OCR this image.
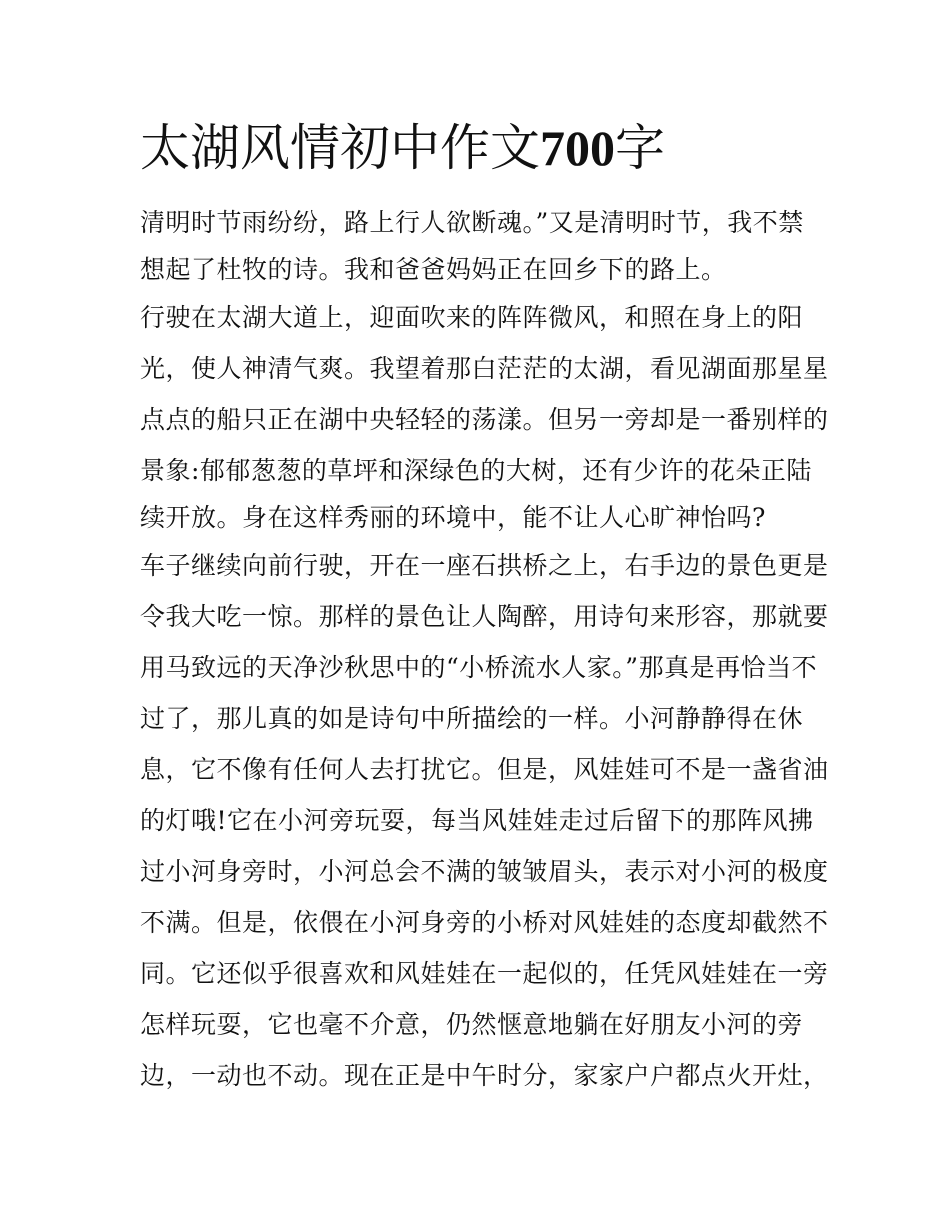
太湖风情初中作文700字
清明时节雨纷纷，路上行人欲断魂。”又是清明时节，我不禁
想起了杜牧的诗。我和爸爸妈妈正在回乡下的路上。
行驶在太湖大道上，迎面吹来的阵阵微风，和照在身上的阳
光，使人神清气爽。我望着那白茫茫的太湖，看见湖面那星星
点点的船只正在湖中央轻轻的荡漾。但另一旁却是一番别样的
景象:郁郁葱葱的草坪和深绿色的大树，还有少许的花朵正陆
续开放。身在这样秀丽的环境中，能不让人心旷神怡吗?
车子继续向前行驶，开在一座石拱桥之上，右手边的景色更是
令我大吃一惊。那样的景色让人陶醉，用诗句来形容，那就要
用马致远的天净沙秋思中的“小桥流水人家。”那真是再恰当不
过了，那儿真的如是诗句中所描绘的一样。小河静静得在休
息，它不像有任何人去打扰它。但是，风娃娃可不是一盏省油
的灯哦!它在小河旁玩耍，每当风娃娃走过后留下的那阵风拂
过小河身旁时，小河总会不满的皱皱眉头，表示对小河的极度
不满。但是，依偎在小河身旁的小桥对风娃娃的态度却截然不
同。它还似乎很喜欢和风娃娃在一起似的，任凭风娃娃在一旁
怎样玩耍，它也毫不介意，仍然惬意地躺在好朋友小河的旁
边，一动也不动。现在正是中午时分，家家户户都点火开灶，
